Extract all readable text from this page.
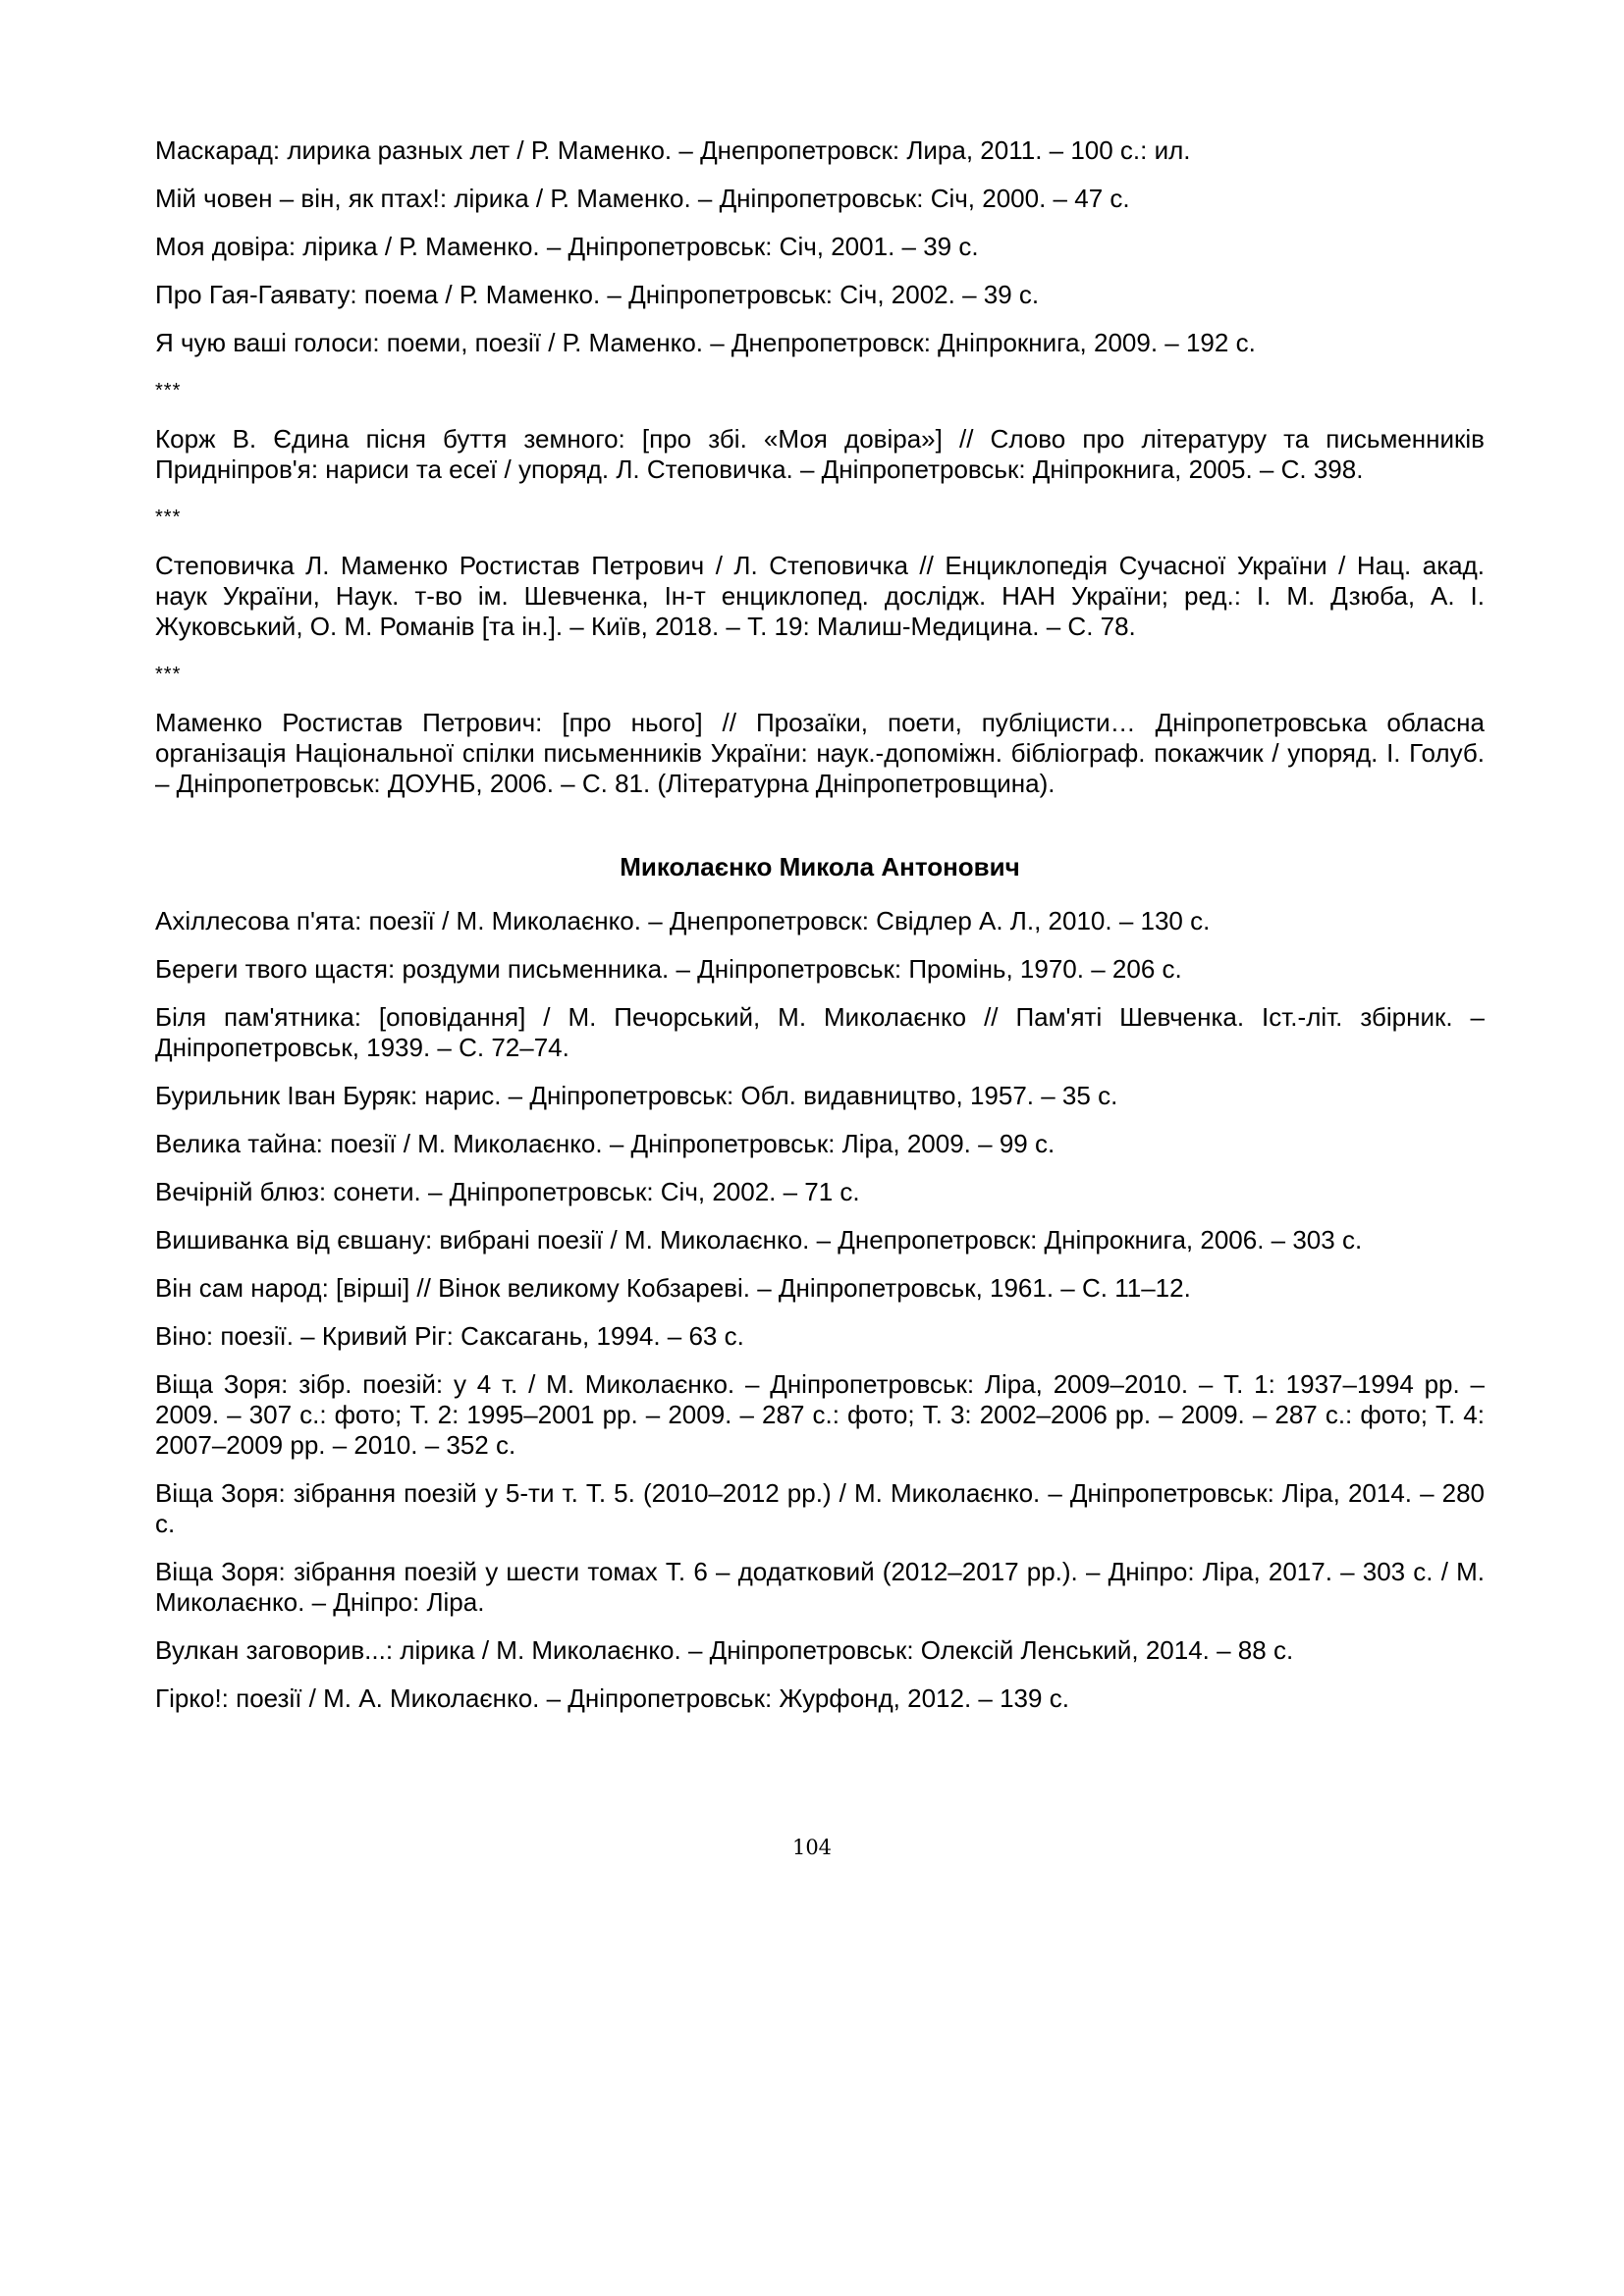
Маскарад: лирика разных лет / Р. Маменко. – Днепропетровск: Лира, 2011. – 100 с.: ил.

Мій човен – він, як птах!: лірика / Р. Маменко. – Дніпропетровськ: Січ, 2000. – 47 с.

Моя довіра: лірика / Р. Маменко. – Дніпропетровськ: Січ, 2001. – 39 с.

Про Гая-Гаявату: поема / Р. Маменко. – Дніпропетровськ: Січ, 2002. – 39 с.

Я чую ваші голоси: поеми, поезії / Р. Маменко. – Днепропетровск: Дніпрокнига, 2009. – 192 с.

***

Корж В. Єдина пісня буття земного: [про збі. «Моя довіра»] // Слово про літературу та письменників Придніпров'я: нариси та есеї / упоряд. Л. Степовичка. – Дніпропетровськ: Дніпрокнига, 2005. – С. 398.

***

Степовичка Л. Маменко Ростистав Петрович / Л. Степовичка // Енциклопедія Сучасної України / Нац. акад. наук України, Наук. т-во ім. Шевченка, Ін-т енциклопед. дослідж. НАН України; ред.: І. М. Дзюба, А. І. Жуковський, О. М. Романів [та ін.]. – Київ, 2018. – Т. 19: Малиш-Медицина. – С. 78.

***

Маменко Ростистав Петрович: [про нього] // Прозаїки, поети, публіцисти… Дніпропетровська обласна організація Національної спілки письменників України: наук.-допоміжн. бібліограф. покажчик / упоряд. І. Голуб. – Дніпропетровськ: ДОУНБ, 2006. – С. 81. (Літературна Дніпропетровщина).

Миколаєнко Микола Антонович

Ахіллесова п'ята: поезії / М. Миколаєнко. – Днепропетровск: Свідлер А. Л., 2010. – 130 с.

Береги твого щастя: роздуми письменника. – Дніпропетровськ: Промінь, 1970. – 206 с.

Біля пам'ятника: [оповідання] / М. Печорський, М. Миколаєнко // Пам'яті Шевченка. Іст.-літ. збірник. – Дніпропетровськ, 1939. – С. 72–74.

Бурильник Іван Буряк: нарис. – Дніпропетровськ: Обл. видавництво, 1957. – 35 с.

Велика тайна: поезії / М. Миколаєнко. – Дніпропетровськ: Ліра, 2009. – 99 с.

Вечірній блюз: сонети. – Дніпропетровськ: Січ, 2002. – 71 с.

Вишиванка від євшану: вибрані поезії / М. Миколаєнко. – Днепропетровск: Дніпрокнига, 2006. – 303 с.

Він сам народ: [вірші] // Вінок великому Кобзареві. – Дніпропетровськ, 1961. – С. 11–12.

Віно: поезії. – Кривий Ріг: Саксагань, 1994. – 63 с.

Віща Зоря: зібр. поезій: у 4 т. / М. Миколаєнко. – Дніпропетровськ: Ліра, 2009–2010. – Т. 1: 1937–1994 рр. – 2009. – 307 с.: фото; Т. 2: 1995–2001 рр. – 2009. – 287 с.: фото; Т. 3: 2002–2006 рр. – 2009. – 287 с.: фото; Т. 4: 2007–2009 рр. – 2010. – 352 с.

Віща Зоря: зібрання поезій у 5-ти т. Т. 5. (2010–2012 рр.) / М. Миколаєнко. – Дніпропетровськ: Ліра, 2014. – 280 с.

Віща Зоря: зібрання поезій у шести томах Т. 6 – додатковий (2012–2017 рр.). – Дніпро: Ліра, 2017. – 303 с. / М. Миколаєнко. – Дніпро: Ліра.

Вулкан заговорив...: лірика / М. Миколаєнко. – Дніпропетровськ: Олексій Ленський, 2014. – 88 с.

Гірко!: поезії / М. А. Миколаєнко. – Дніпропетровськ: Журфонд, 2012. – 139 с.

104
